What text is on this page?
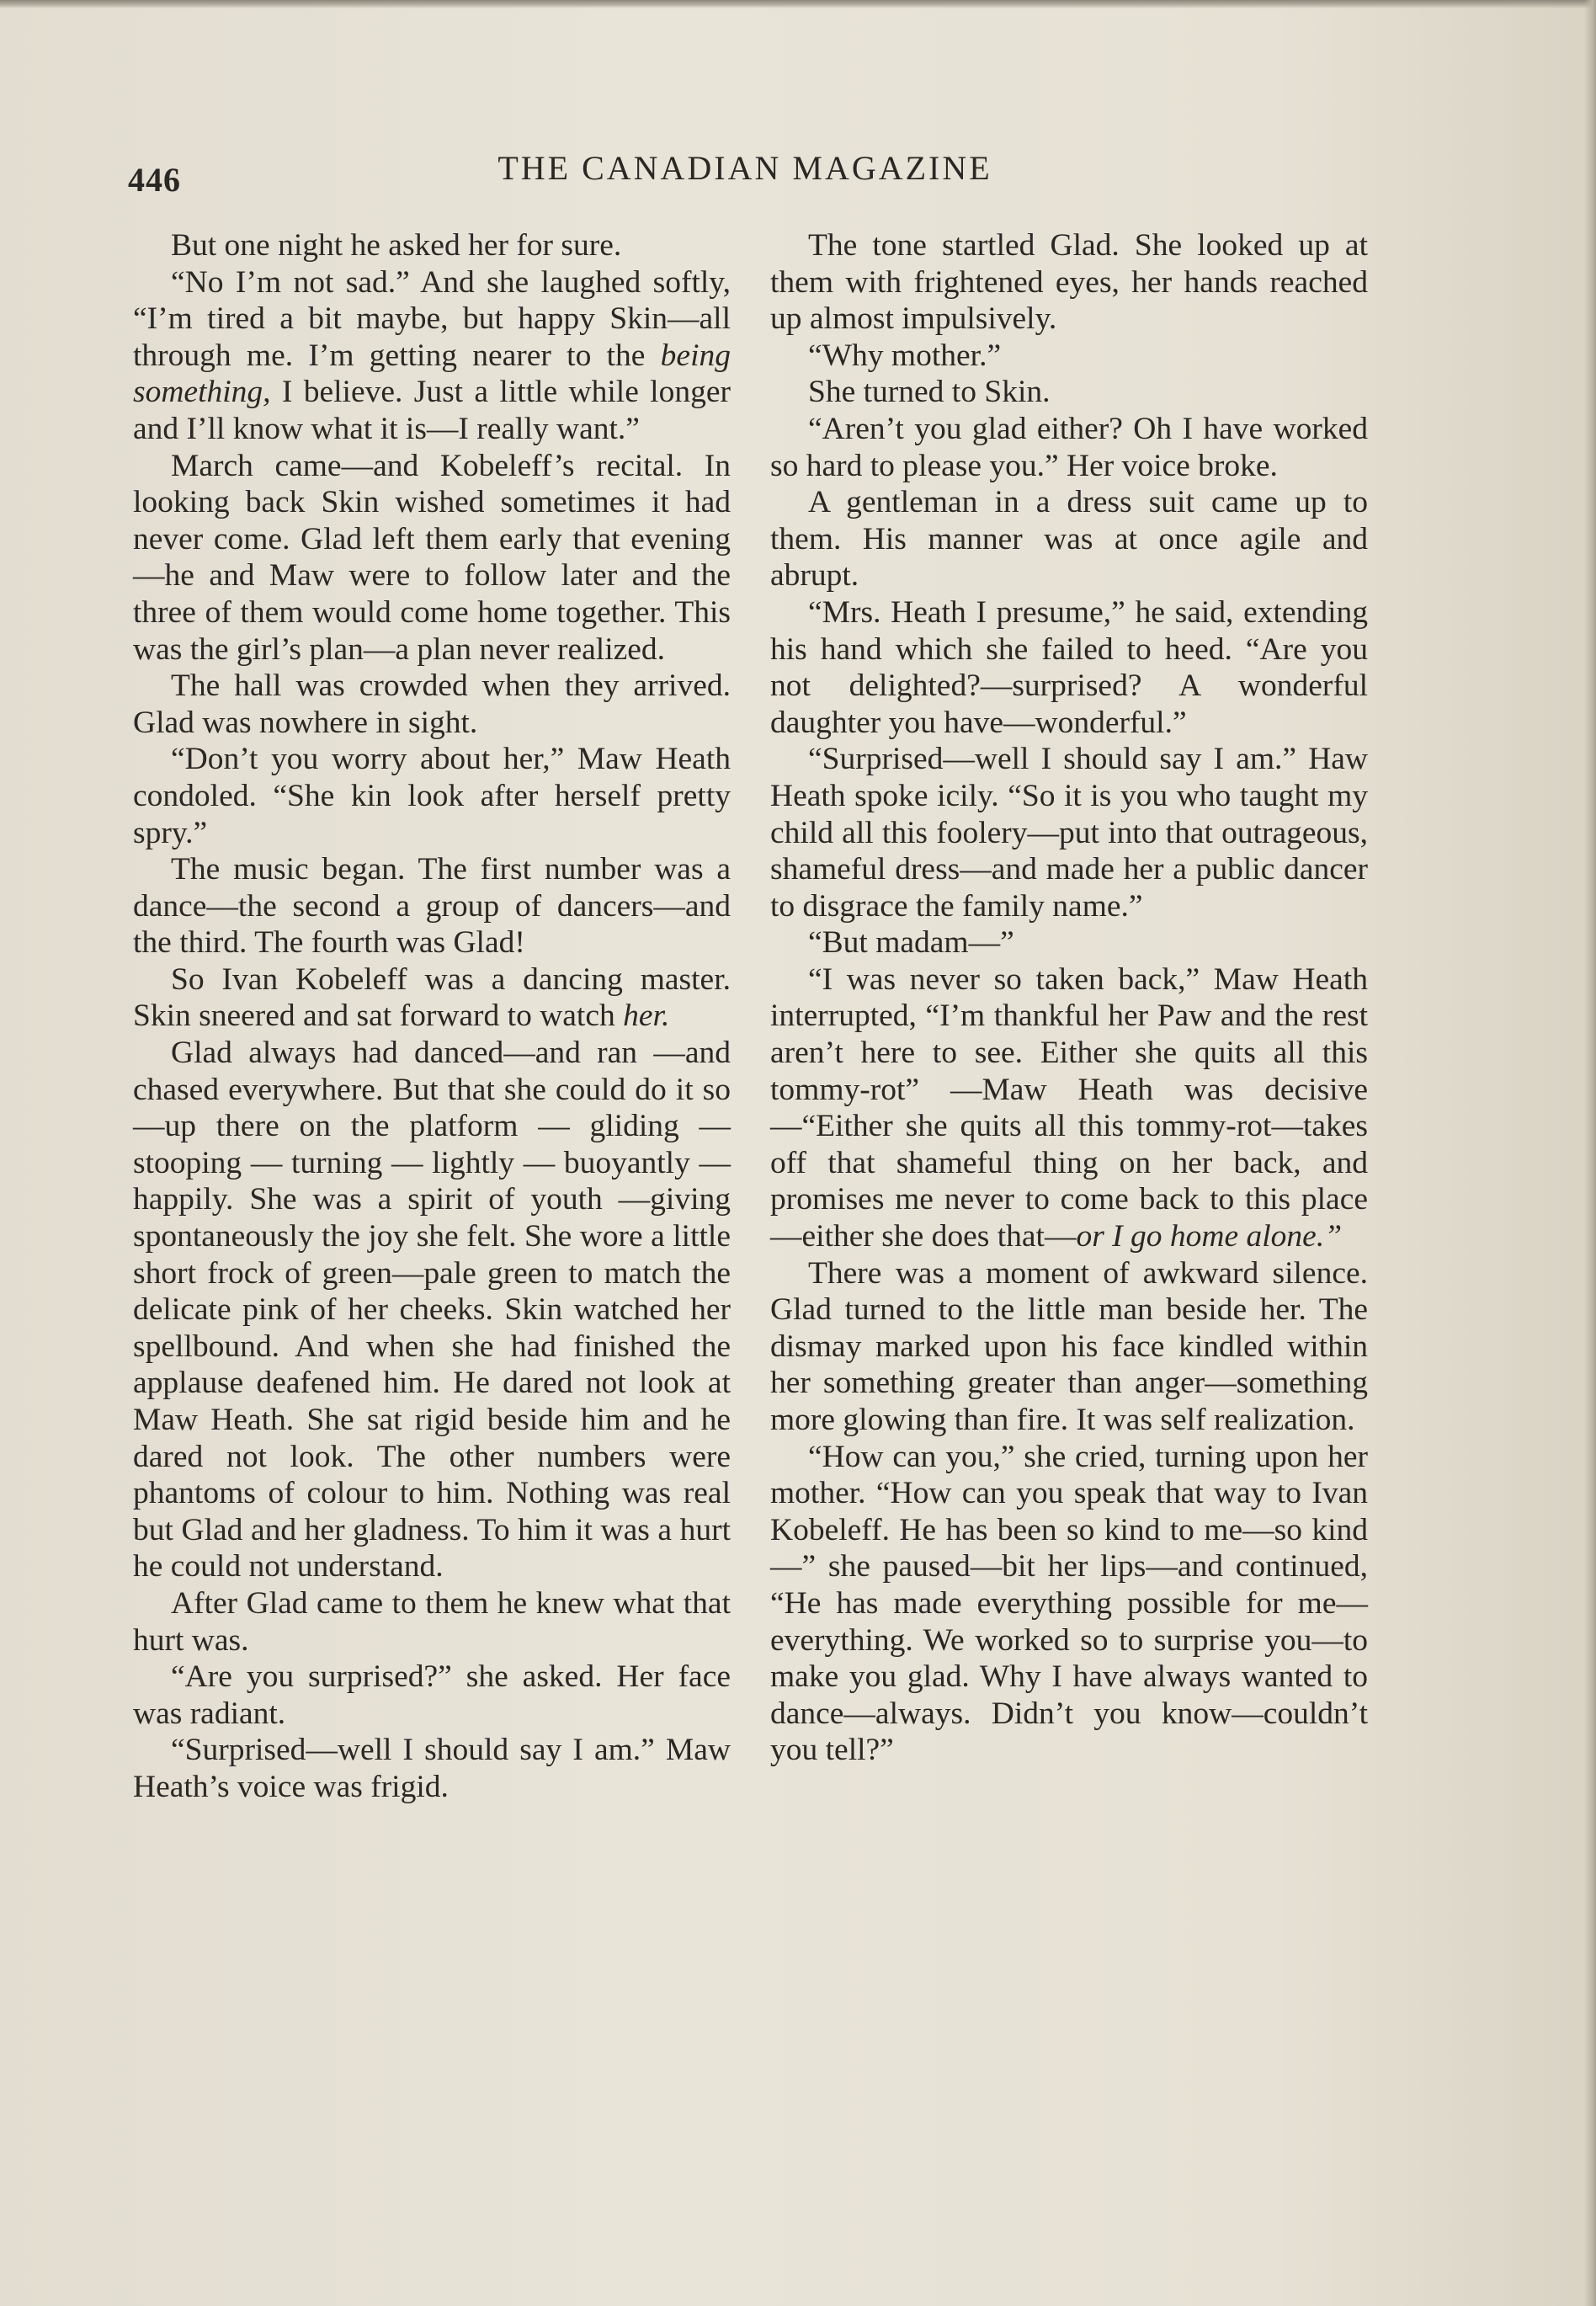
446	THE CANADIAN MAGAZINE

But one night he asked her for sure.

“No I’m not sad.” And she laughed softly, “I’m tired a bit maybe, but happy Skin—all through me. I’m getting nearer to the being something, I believe. Just a little while longer and I’ll know what it is—I really want.”

March came—and Kobeleff’s recital. In looking back Skin wished sometimes it had never come. Glad left them early that evening—he and Maw were to follow later and the three of them would come home together. This was the girl’s plan—a plan never realized.

The hall was crowded when they arrived. Glad was nowhere in sight.

“Don’t you worry about her,” Maw Heath condoled. “She kin look after herself pretty spry.”

The music began. The first number was a dance—the second a group of dancers—and the third. The fourth was Glad!

So Ivan Kobeleff was a dancing master. Skin sneered and sat forward to watch her.

Glad always had danced—and ran —and chased everywhere. But that she could do it so—up there on the platform — gliding — stooping — turning — lightly — buoyantly — happily. She was a spirit of youth —giving spontaneously the joy she felt. She wore a little short frock of green—pale green to match the delicate pink of her cheeks. Skin watched her spellbound. And when she had finished the applause deafened him. He dared not look at Maw Heath. She sat rigid beside him and he dared not look. The other numbers were phantoms of colour to him. Nothing was real but Glad and her gladness. To him it was a hurt he could not understand.

After Glad came to them he knew what that hurt was.

“Are you surprised?” she asked. Her face was radiant.

“Surprised—well I should say I am.” Maw Heath’s voice was frigid.

The tone startled Glad. She looked up at them with frightened eyes, her hands reached up almost impulsively.

“Why mother.”

She turned to Skin.

“Aren’t you glad either? Oh I have worked so hard to please you.” Her voice broke.

A gentleman in a dress suit came up to them. His manner was at once agile and abrupt.

“Mrs. Heath I presume,” he said, extending his hand which she failed to heed. “Are you not delighted?—surprised? A wonderful daughter you have—wonderful.”

“Surprised—well I should say I am.” Haw Heath spoke icily. “So it is you who taught my child all this foolery—put into that outrageous, shameful dress—and made her a public dancer to disgrace the family name.”

“But madam—”

“I was never so taken back,” Maw Heath interrupted, “I’m thankful her Paw and the rest aren’t here to see. Either she quits all this tommy-rot” —Maw Heath was decisive—“Either she quits all this tommy-rot—takes off that shameful thing on her back, and promises me never to come back to this place—either she does that—or I go home alone.”

There was a moment of awkward silence. Glad turned to the little man beside her. The dismay marked upon his face kindled within her something greater than anger—something more glowing than fire. It was self realization.

“How can you,” she cried, turning upon her mother. “How can you speak that way to Ivan Kobeleff. He has been so kind to me—so kind—” she paused—bit her lips—and continued, “He has made everything possible for me—everything. We worked so to surprise you—to make you glad. Why I have always wanted to dance—always. Didn’t you know—couldn’t you tell?”
